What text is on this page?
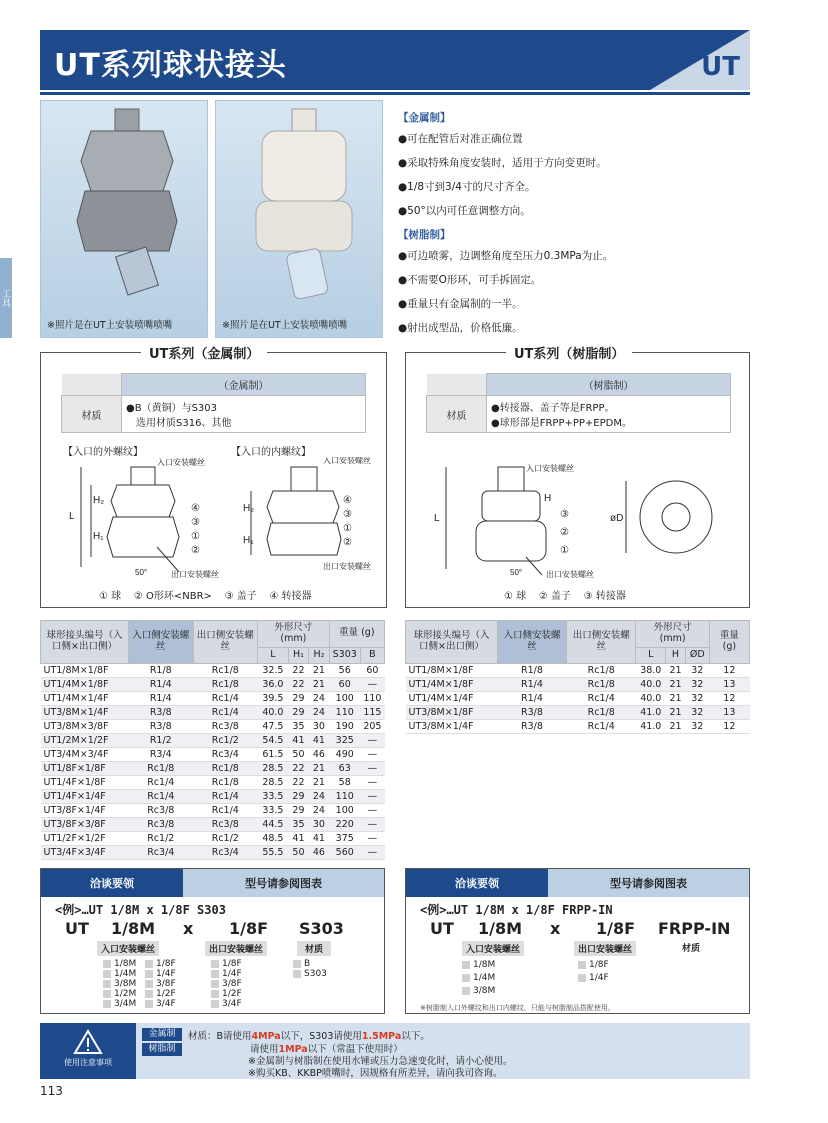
UT系列球状接头	UT
工具
※照片是在UT上安装喷嘴喷嘴	※照片是在UT上安装喷嘴喷嘴
【金属制】
●可在配管后对准正确位置
●采取特殊角度安装时，适用于方向变更时。
●1/8寸到3/4寸的尺寸齐全。
●50°以内可任意调整方向。
【树脂制】
●可边喷雾，边调整角度至压力0.3MPa为止。
●不需要O形环，可手拆固定。
●重量只有金属制的一半。
●射出成型品，价格低廉。
UT系列（金属制）
	（金属制）
材质	●B（黄铜）与S303
选用材质S316、其他
【入口的外螺纹】	【入口的内螺纹】
L
H₂
H₁
H₂
H₁
入口安装螺丝	入口安装螺丝
出口安装螺丝
出口安装螺丝
50°
④
③
①
②
④
③
①
②
① 球 ② O形环<NBR> ③ 盖子 ④ 转接器
UT系列（树脂制）
	（树脂制）
材质	●转接器、盖子等是FRPP。
●球形部是FRPP+PP+EPDM。
L
H
øD
入口安装螺丝
出口安装螺丝
50°
③
②
①
① 球 ② 盖子 ③ 转接器
球形接头编号（入口侧×出口侧）	入口侧安装螺丝	出口侧安装螺丝	外形尺寸 (mm)			重量 (g)	
			L	H₁	H₂	S303	B
UT1/8M×1/8F	R1/8	Rc1/8	32.5	22	21	56	60
UT1/4M×1/8F	R1/4	Rc1/8	36.0	22	21	60	—
UT1/4M×1/4F	R1/4	Rc1/4	39.5	29	24	100	110
UT3/8M×1/4F	R3/8	Rc1/4	40.0	29	24	110	115
UT3/8M×3/8F	R3/8	Rc3/8	47.5	35	30	190	205
UT1/2M×1/2F	R1/2	Rc1/2	54.5	41	41	325	—
UT3/4M×3/4F	R3/4	Rc3/4	61.5	50	46	490	—
UT1/8F×1/8F	Rc1/8	Rc1/8	28.5	22	21	63	—
UT1/4F×1/8F	Rc1/4	Rc1/8	28.5	22	21	58	—
UT1/4F×1/4F	Rc1/4	Rc1/4	33.5	29	24	110	—
UT3/8F×1/4F	Rc3/8	Rc1/4	33.5	29	24	100	—
UT3/8F×3/8F	Rc3/8	Rc3/8	44.5	35	30	220	—
UT1/2F×1/2F	Rc1/2	Rc1/2	48.5	41	41	375	—
UT3/4F×3/4F	Rc3/4	Rc3/4	55.5	50	46	560	—
球形接头编号（入口侧×出口侧）	入口侧安装螺丝	出口侧安装螺丝	外形尺寸 (mm)			重量 (g)
			L	H	ØD	
UT1/8M×1/8F	R1/8	Rc1/8	38.0	21	32	12
UT1/4M×1/8F	R1/4	Rc1/8	40.0	21	32	13
UT1/4M×1/4F	R1/4	Rc1/4	40.0	21	32	12
UT3/8M×1/8F	R3/8	Rc1/8	41.0	21	32	13
UT3/8M×1/4F	R3/8	Rc1/4	41.0	21	32	12
洽谈要领	型号请参阅图表
<例>…UT 1/8M x 1/8F S303
UT 1/8M x 1/8F S303
入口安装螺丝	出口安装螺丝	材质
1/8M
1/4M
3/8M
1/2M
3/4M
1/8F
1/4F
3/8F
1/2F
3/4F
1/8F
1/4F
3/8F
1/2F
3/4F
B
S303
洽谈要领	型号请参阅图表
<例>…UT 1/8M x 1/8F FRPP-IN
UT 1/8M x 1/8F FRPP-IN
入口安装螺丝	出口安装螺丝	材质
1/8M
1/4M
3/8M
1/8F
1/4F
※树脂制入口外螺纹和出口内螺纹，只能与树脂制品搭配使用。
使用注意事项
金属制
树脂制
材质：B请使用4MPa以下，S303请使用1.5MPa以下。
请使用1MPa以下（常温下使用时）
※金属制与树脂制在使用水锤或压力急速变化时，请小心使用。
※购买KB、KKBP喷嘴时，因规格有所差异，请向我司咨询。
113
